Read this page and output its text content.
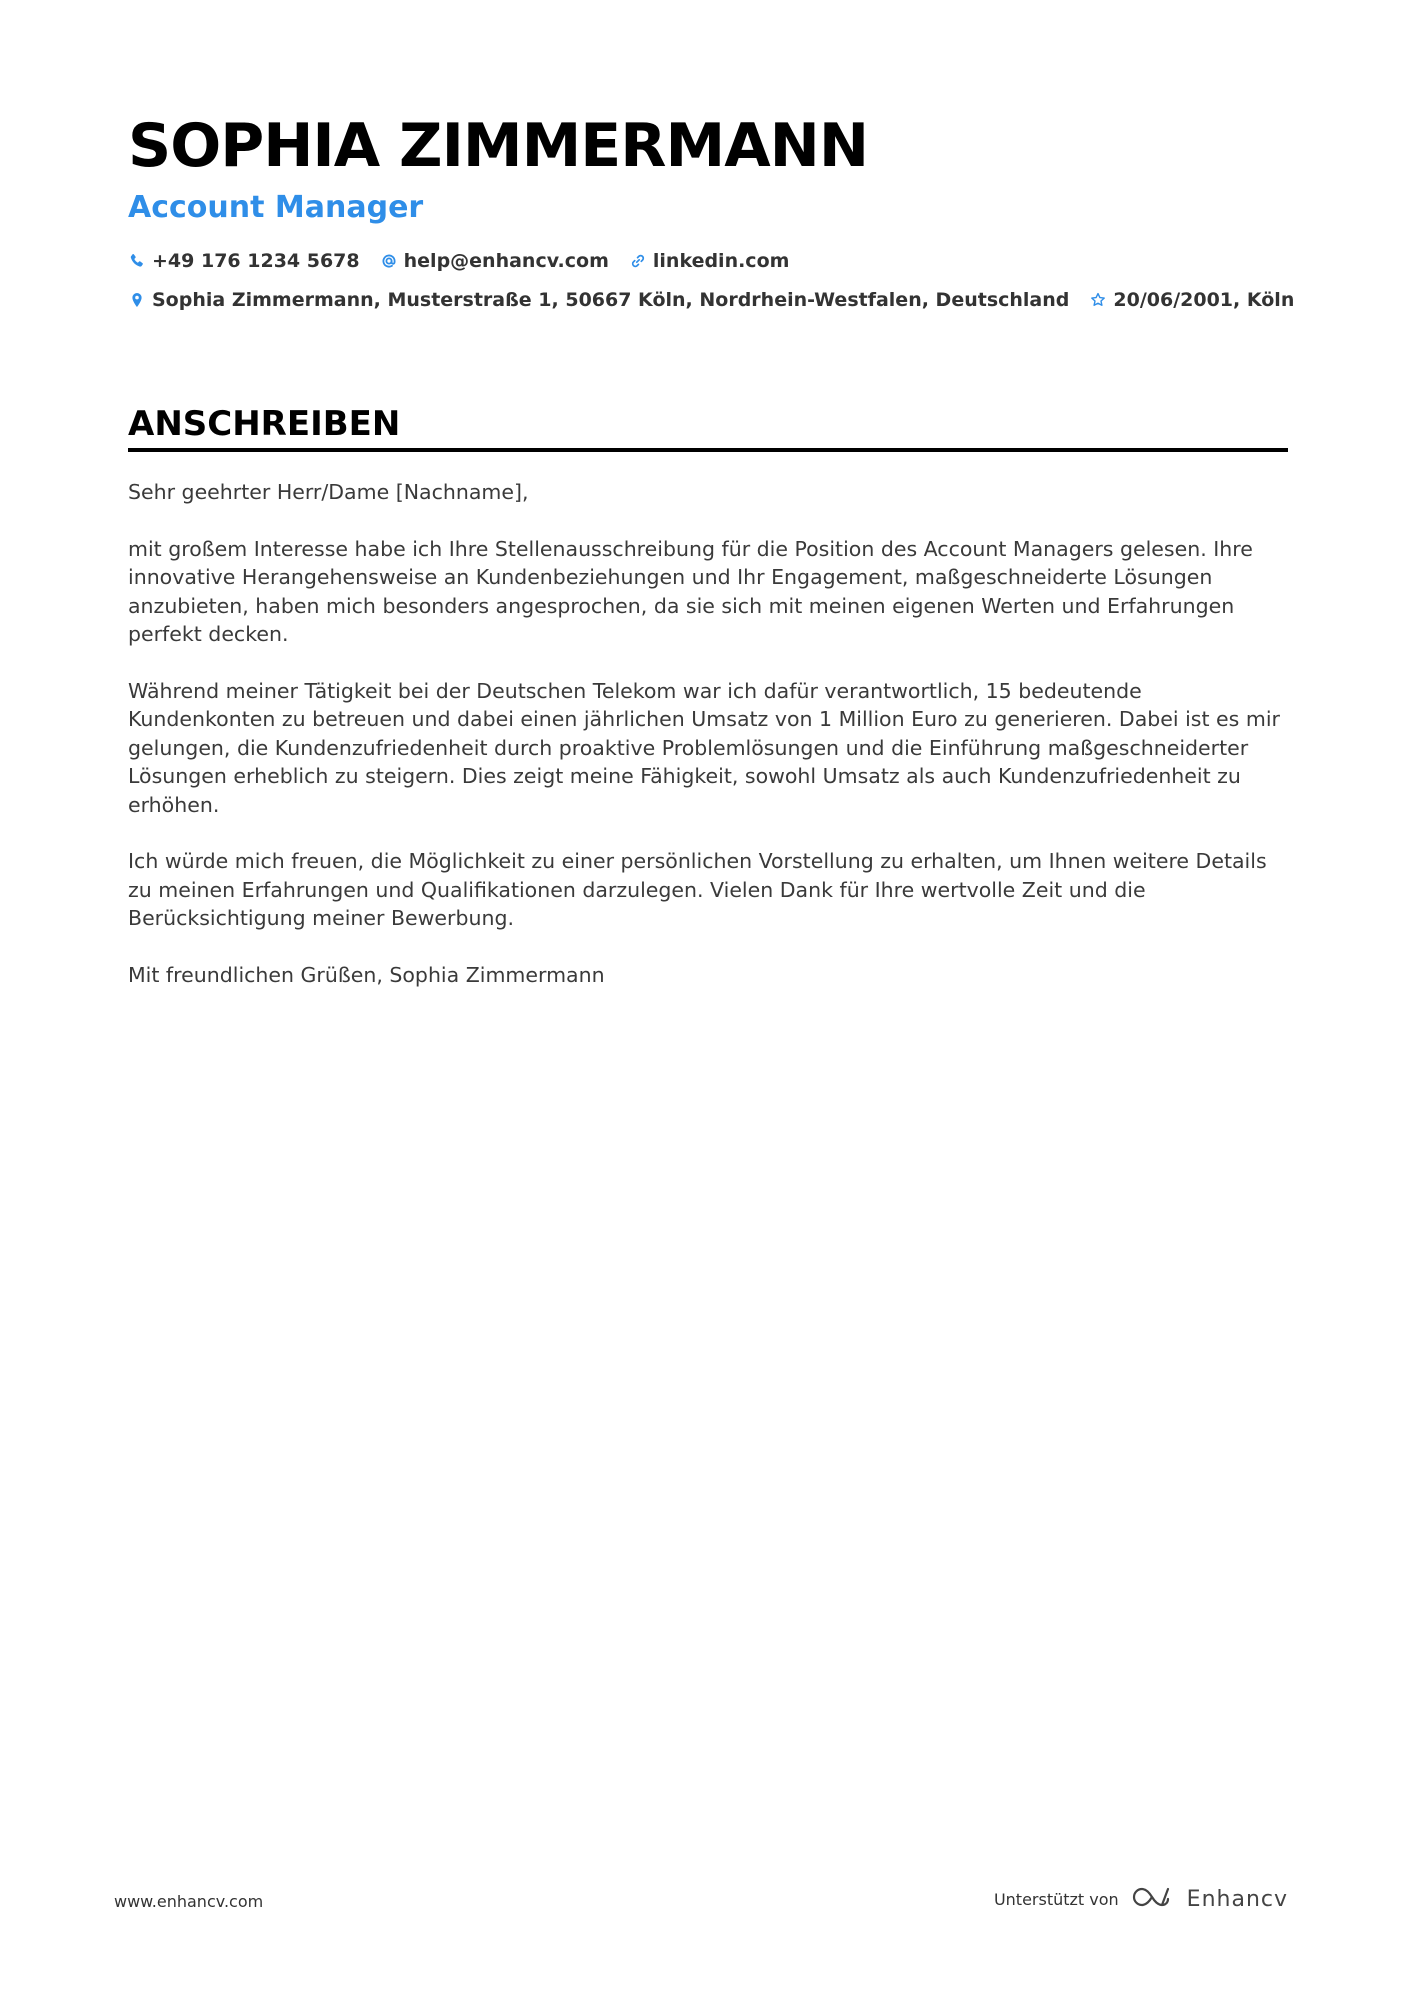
SOPHIA ZIMMERMANN
Account Manager
+49 176 1234 5678 help@enhancv.com linkedin.com
Sophia Zimmermann, Musterstraße 1, 50667 Köln, Nordrhein-Westfalen, Deutschland 20/06/2001, Köln
ANSCHREIBEN

Sehr geehrter Herr/Dame [Nachname],

mit großem Interesse habe ich Ihre Stellenausschreibung für die Position des Account Managers gelesen. Ihre innovative Herangehensweise an Kundenbeziehungen und Ihr Engagement, maßgeschneiderte Lösungen anzubieten, haben mich besonders angesprochen, da sie sich mit meinen eigenen Werten und Erfahrungen perfekt decken.

Während meiner Tätigkeit bei der Deutschen Telekom war ich dafür verantwortlich, 15 bedeutende Kundenkonten zu betreuen und dabei einen jährlichen Umsatz von 1 Million Euro zu generieren. Dabei ist es mir gelungen, die Kundenzufriedenheit durch proaktive Problemlösungen und die Einführung maßgeschneiderter Lösungen erheblich zu steigern. Dies zeigt meine Fähigkeit, sowohl Umsatz als auch Kundenzufriedenheit zu erhöhen.

Ich würde mich freuen, die Möglichkeit zu einer persönlichen Vorstellung zu erhalten, um Ihnen weitere Details zu meinen Erfahrungen und Qualifikationen darzulegen. Vielen Dank für Ihre wertvolle Zeit und die Berücksichtigung meiner Bewerbung.

Mit freundlichen Grüßen, Sophia Zimmermann

www.enhancv.com	Unterstützt von	Enhancv
